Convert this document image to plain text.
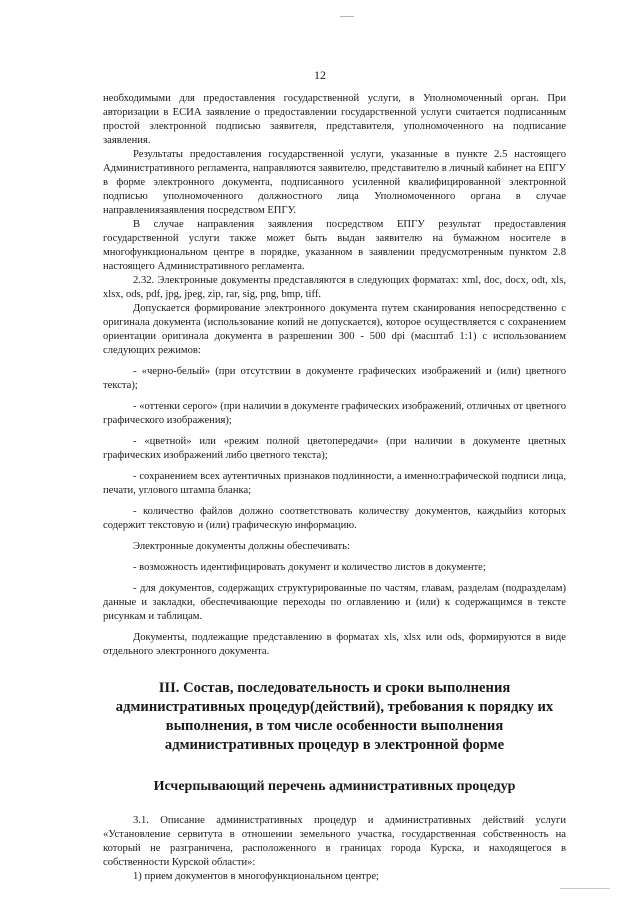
12

необходимыми для предоставления государственной услуги, в Уполномоченный орган. При авторизации в ЕСИА заявление о предоставлении государственной услуги считается подписанным простой электронной подписью заявителя, представителя, уполномоченного на подписание заявления.

Результаты предоставления государственной услуги, указанные в пункте 2.5 настоящего Административного регламента, направляются заявителю, представителю в личный кабинет на ЕПГУ в форме электронного документа, подписанного усиленной квалифицированной электронной подписью уполномоченного должностного лица Уполномоченного органа в случае направлениязаявления посредством ЕПГУ.

В случае направления заявления посредством ЕПГУ результат предоставления государственной услуги также может быть выдан заявителю на бумажном носителе в многофункциональном центре в порядке, указанном в заявлении предусмотренным пунктом 2.8 настоящего Административного регламента.

2.32. Электронные документы представляются в следующих форматах: xml, doc, docx, odt, xls, xlsx, ods, pdf, jpg, jpeg, zip, rar, sig, png, bmp, tiff.

Допускается формирование электронного документа путем сканирования непосредственно с оригинала документа (использование копий не допускается), которое осуществляется с сохранением ориентации оригинала документа в разрешении 300 - 500 dpi (масштаб 1:1) с использованием следующих режимов:

- «черно-белый» (при отсутствии в документе графических изображений и (или) цветного текста);

- «оттенки серого» (при наличии в документе графических изображений, отличных от цветного графического изображения);

- «цветной» или «режим полной цветопередачи» (при наличии в документе цветных графических изображений либо цветного текста);

- сохранением всех аутентичных признаков подлинности, а именно:графической подписи лица, печати, углового штампа бланка;

- количество файлов должно соответствовать количеству документов, каждыйиз которых содержит текстовую и (или) графическую информацию.

Электронные документы должны обеспечивать:

- возможность идентифицировать документ и количество листов в документе;

- для документов, содержащих структурированные по частям, главам, разделам (подразделам) данные и закладки, обеспечивающие переходы по оглавлению и (или) к содержащимся в тексте рисункам и таблицам.

Документы, подлежащие представлению в форматах xls, xlsx или ods, формируются в виде отдельного электронного документа.

III. Состав, последовательность и сроки выполнения административных процедур(действий), требования к порядку их выполнения, в том числе особенности выполнения административных процедур в электронной форме
Исчерпывающий перечень административных процедур

3.1. Описание административных процедур и административных действий услуги «Установление сервитута в отношении земельного участка, государственная собственность на который не разграничена, расположенного в границах города Курска, и находящегося в собственности Курской области»:

1) прием документов в многофункциональном центре;
